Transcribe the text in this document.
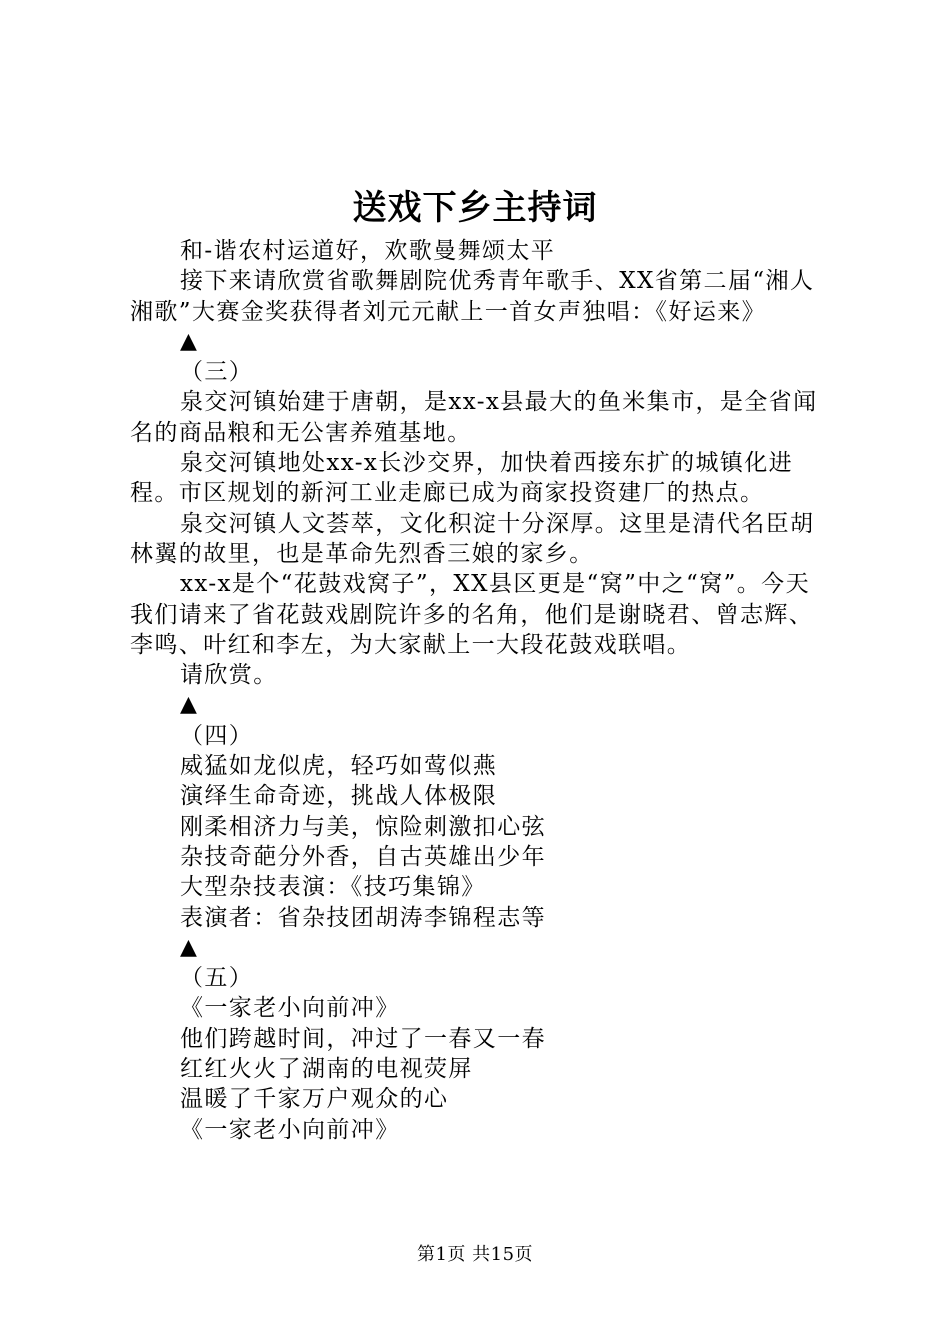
送戏下乡主持词

和-谐农村运道好，欢歌曼舞颂太平

接下来请欣赏省歌舞剧院优秀青年歌手、XX省第二届“湘人湘歌”大赛金奖获得者刘元元献上一首女声独唱：《好运来》

▲

（三）

泉交河镇始建于唐朝，是xx-x县最大的鱼米集市，是全省闻名的商品粮和无公害养殖基地。

泉交河镇地处xx-x长沙交界，加快着西接东扩的城镇化进程。市区规划的新河工业走廊已成为商家投资建厂的热点。

泉交河镇人文荟萃，文化积淀十分深厚。这里是清代名臣胡林翼的故里，也是革命先烈香三娘的家乡。

xx-x是个“花鼓戏窝子”，XX县区更是“窝”中之“窝”。今天我们请来了省花鼓戏剧院许多的名角，他们是谢晓君、曾志辉、李鸣、叶红和李左，为大家献上一大段花鼓戏联唱。

请欣赏。

▲

（四）

威猛如龙似虎，轻巧如莺似燕

演绎生命奇迹，挑战人体极限

刚柔相济力与美，惊险刺激扣心弦

杂技奇葩分外香，自古英雄出少年

大型杂技表演：《技巧集锦》

表演者：省杂技团胡涛李锦程志等

▲

（五）

《一家老小向前冲》

他们跨越时间，冲过了一春又一春

红红火火了湖南的电视荧屏

温暖了千家万户观众的心

《一家老小向前冲》

第1页 共15页
